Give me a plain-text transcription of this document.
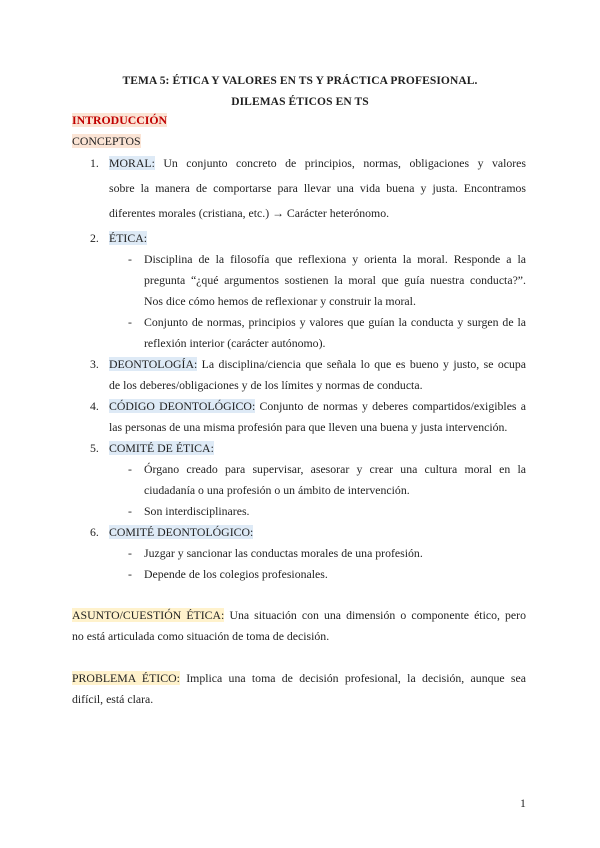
TEMA 5: ÉTICA Y VALORES EN TS Y PRÁCTICA PROFESIONAL.
DILEMAS ÉTICOS EN TS
INTRODUCCIÓN
CONCEPTOS
1. MORAL: Un conjunto concreto de principios, normas, obligaciones y valores
sobre la manera de comportarse para llevar una vida buena y justa. Encontramos
diferentes morales (cristiana, etc.) → Carácter heterónomo.
2. ÉTICA:
- Disciplina de la filosofía que reflexiona y orienta la moral. Responde a la
pregunta “¿qué argumentos sostienen la moral que guía nuestra conducta?”.
Nos dice cómo hemos de reflexionar y construir la moral.
- Conjunto de normas, principios y valores que guían la conducta y surgen de la
reflexión interior (carácter autónomo).
3. DEONTOLOGÍA: La disciplina/ciencia que señala lo que es bueno y justo, se ocupa
de los deberes/obligaciones y de los límites y normas de conducta.
4. CÓDIGO DEONTOLÓGICO: Conjunto de normas y deberes compartidos/exigibles a
las personas de una misma profesión para que lleven una buena y justa intervención.
5. COMITÉ DE ÉTICA:
- Órgano creado para supervisar, asesorar y crear una cultura moral en la
ciudadanía o una profesión o un ámbito de intervención.
- Son interdisciplinares.
6. COMITÉ DEONTOLÓGICO:
- Juzgar y sancionar las conductas morales de una profesión.
- Depende de los colegios profesionales.
ASUNTO/CUESTIÓN ÉTICA: Una situación con una dimensión o componente ético, pero
no está articulada como situación de toma de decisión.
PROBLEMA ÉTICO: Implica una toma de decisión profesional, la decisión, aunque sea
difícil, está clara.
1
